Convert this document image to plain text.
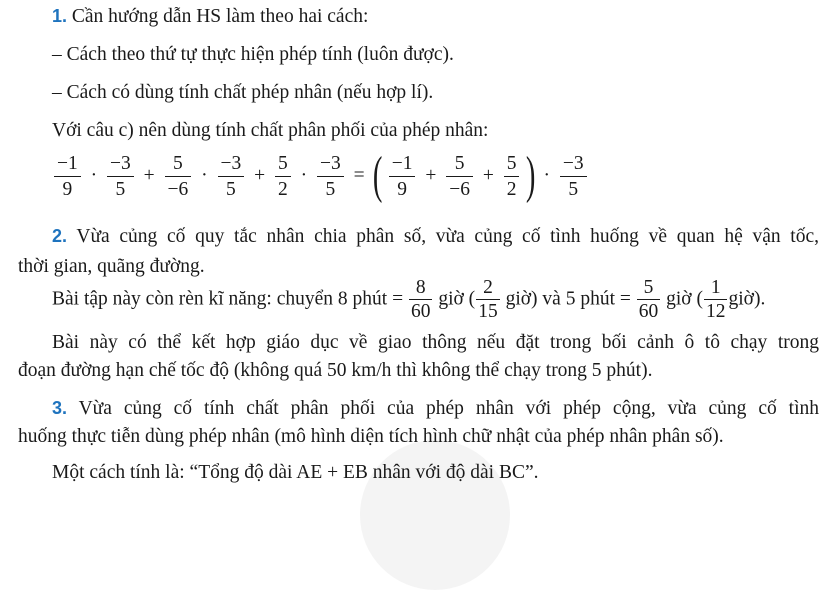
1. Cần hướng dẫn HS làm theo hai cách:
– Cách theo thứ tự thực hiện phép tính (luôn được).
– Cách có dùng tính chất phép nhân (nếu hợp lí).
Với câu c) nên dùng tính chất phân phối của phép nhân:
$\frac{-1}{9} \cdot \frac{-3}{5} + \frac{5}{-6} \cdot \frac{-3}{5} + \frac{5}{2} \cdot \frac{-3}{5}$ = ( $\frac{-1}{9} + \frac{5}{-6} + \frac{5}{2}$ ) · $\frac{-3}{5}$
2. Vừa củng cố quy tắc nhân chia phân số, vừa củng cố tình huống về quan hệ vận tốc,
thời gian, quãng đường.
Bài tập này còn rèn kĩ năng: chuyển 8 phút = $\frac{8}{60}$ giờ ( $\frac{2}{15}$ giờ) và 5 phút = $\frac{5}{60}$ giờ ( $\frac{1}{12}$ giờ).
Bài này có thể kết hợp giáo dục về giao thông nếu đặt trong bối cảnh ô tô chạy trong
đoạn đường hạn chế tốc độ (không quá 50 km/h thì không thể chạy trong 5 phút).
3. Vừa củng cố tính chất phân phối của phép nhân với phép cộng, vừa củng cố tình
huống thực tiễn dùng phép nhân (mô hình diện tích hình chữ nhật của phép nhân phân số).
Một cách tính là: “Tổng độ dài AE + EB nhân với độ dài BC”.
